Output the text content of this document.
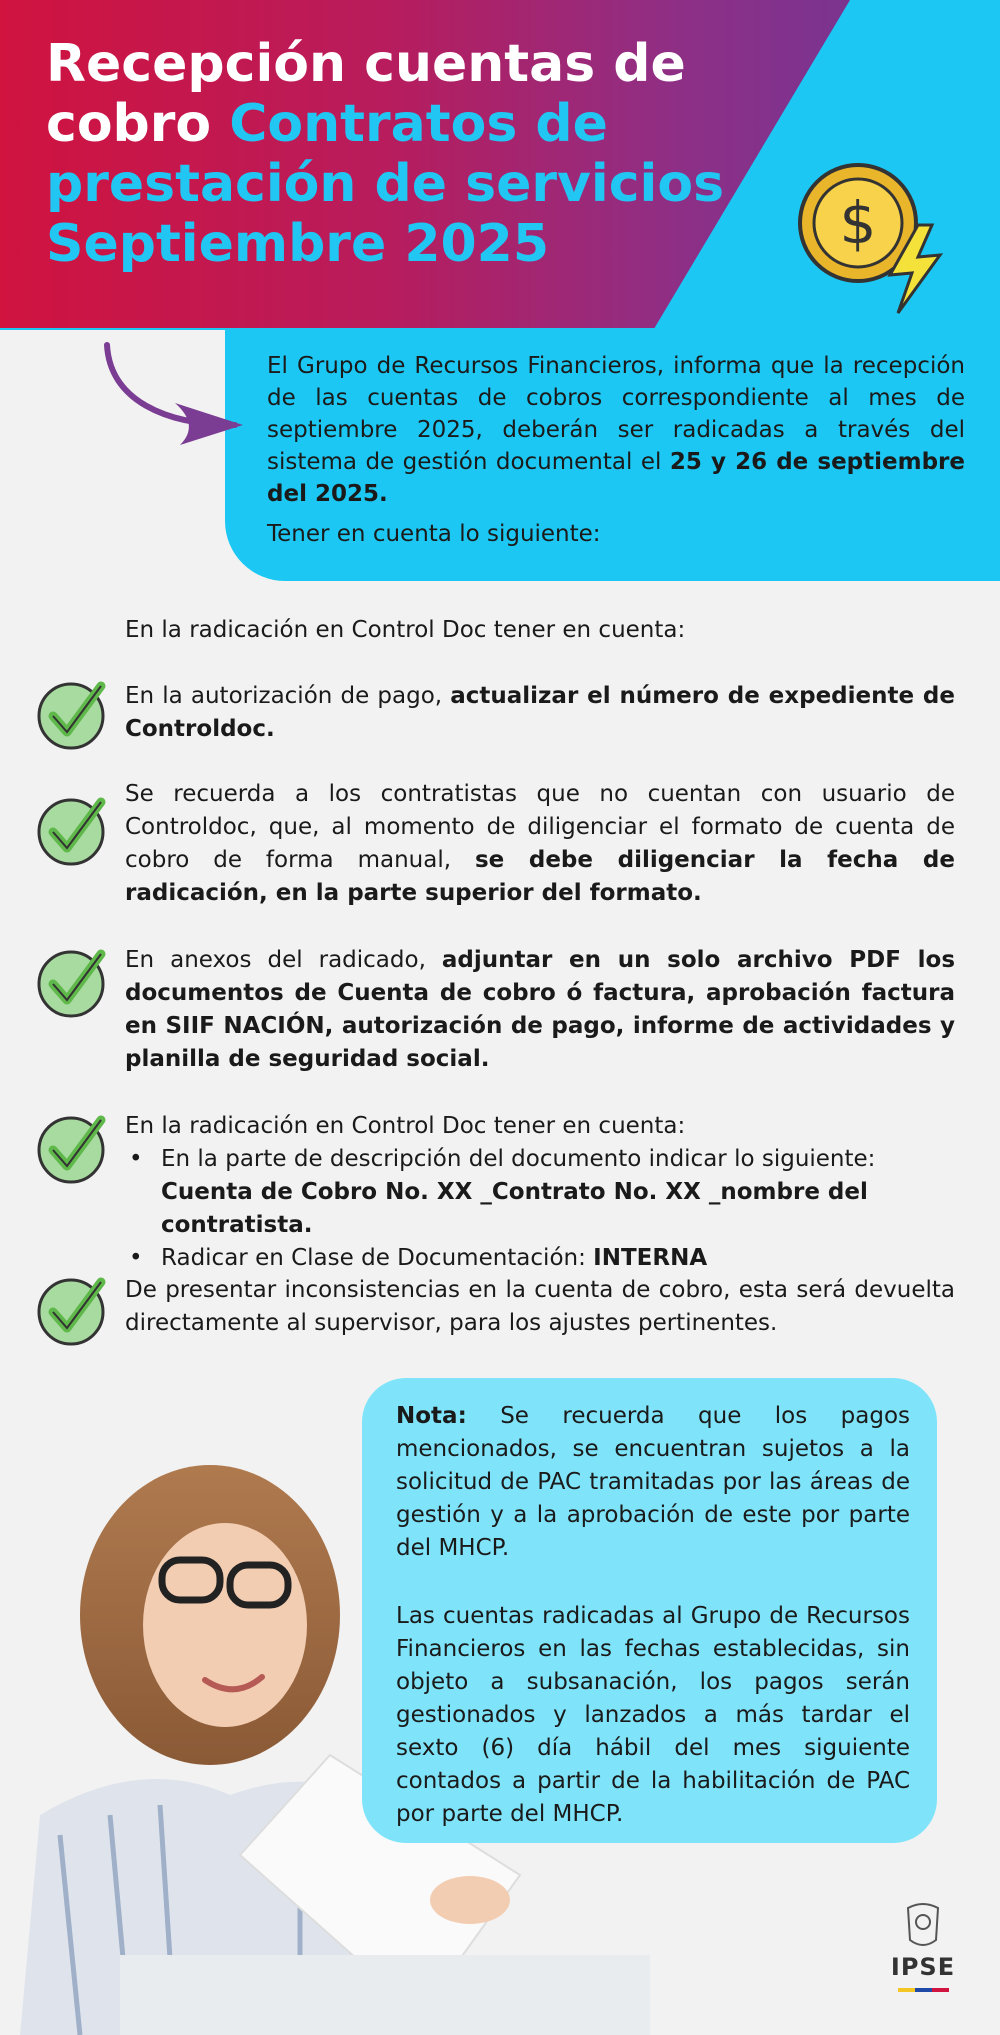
Recepción cuentas de cobro Contratos de prestación de servicios Septiembre 2025	$
El Grupo de Recursos Financieros, informa que la recepción de las cuentas de cobros correspondiente al mes de septiembre 2025, deberán ser radicadas a través del sistema de gestión documental el 25 y 26 de septiembre del 2025.
Tener en cuenta lo siguiente:
En la radicación en Control Doc tener en cuenta:
En la autorización de pago, actualizar el número de expediente de Controldoc.
Se recuerda a los contratistas que no cuentan con usuario de Controldoc, que, al momento de diligenciar el formato de cuenta de cobro de forma manual, se debe diligenciar la fecha de radicación, en la parte superior del formato.
En anexos del radicado, adjuntar en un solo archivo PDF los documentos de Cuenta de cobro ó factura, aprobación factura en SIIF NACIÓN, autorización de pago, informe de actividades y planilla de seguridad social.
En la radicación en Control Doc tener en cuenta:
• En la parte de descripción del documento indicar lo siguiente: Cuenta de Cobro No. XX _Contrato No. XX _nombre del contratista.
• Radicar en Clase de Documentación: INTERNA
De presentar inconsistencias en la cuenta de cobro, esta será devuelta directamente al supervisor, para los ajustes pertinentes.
Nota: Se recuerda que los pagos mencionados, se encuentran sujetos a la solicitud de PAC tramitadas por las áreas de gestión y a la aprobación de este por parte del MHCP.
Las cuentas radicadas al Grupo de Recursos Financieros en las fechas establecidas, sin objeto a subsanación, los pagos serán gestionados y lanzados a más tardar el sexto (6) día hábil del mes siguiente contados a partir de la habilitación de PAC por parte del MHCP.
IPSE
